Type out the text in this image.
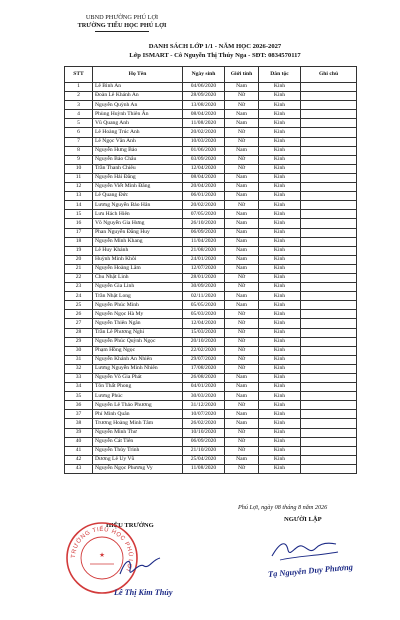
UBND PHƯỜNG PHÚ LỢI
TRƯỜNG TIỂU HỌC PHÚ LỢI
DANH SÁCH LỚP 1/1 - NĂM HỌC 2026-2027
Lớp ISMART - Cô Nguyễn Thị Thúy Nga - SĐT: 0834570117
STT	Họ Tên	Ngày sinh	Giới tính	Dân tộc	Ghi chú
1	Lê Bình An	04/06/2020	Nam	Kinh	
2	Đoàn Lê Khánh An	28/09/2020	Nữ	Kinh	
3	Nguyễn Quỳnh An	13/08/2020	Nữ	Kinh	
4	Phùng Huỳnh Thiên Ân	08/04/2020	Nam	Kinh	
5	Vũ Quang Anh	11/08/2020	Nam	Kinh	
6	Lê Hoàng Trúc Anh	20/02/2020	Nữ	Kinh	
7	Lê Ngọc Vân Anh	10/03/2020	Nữ	Kinh	
8	Nguyễn Hưng Bảo	01/06/2020	Nam	Kinh	
9	Nguyễn Bảo Châu	03/09/2020	Nữ	Kinh	
10	Trần Thanh Chiêu	12/04/2020	Nữ	Kinh	
11	Nguyễn Hải Đăng	08/04/2020	Nam	Kinh	
12	Nguyễn Viết Minh Đăng	20/04/2020	Nam	Kinh	
13	Lê Quang Đức	06/01/2020	Nam	Kinh	
14	Lương Nguyễn Bảo Hân	20/02/2020	Nữ	Kinh	
15	Lưu Hách Hiên	07/05/2020	Nam	Kinh	
16	Võ Nguyễn Gia Hưng	26/10/2020	Nam	Kinh	
17	Phan Nguyễn Đăng Huy	06/09/2020	Nam	Kinh	
18	Nguyễn Minh Khang	11/04/2020	Nam	Kinh	
19	Lê Huy Khánh	21/08/2020	Nam	Kinh	
20	Huỳnh Minh Khôi	24/01/2020	Nam	Kinh	
21	Nguyễn Hoàng Lâm	12/07/2020	Nam	Kinh	
22	Chu Nhật Linh	28/01/2020	Nữ	Kinh	
23	Nguyễn Gia Linh	30/09/2020	Nữ	Kinh	
24	Trần Nhật Long	02/11/2020	Nam	Kinh	
25	Nguyễn Phúc Minh	05/05/2020	Nam	Kinh	
26	Nguyễn Ngọc Hà My	05/03/2020	Nữ	Kinh	
27	Nguyễn Thiên Ngân	12/04/2020	Nữ	Kinh	
28	Trần Lê Phương Nghi	15/03/2020	Nữ	Kinh	
29	Nguyễn Phúc Quỳnh Ngọc	20/10/2020	Nữ	Kinh	
30	Phạm Hồng Ngọc	22/02/2020	Nữ	Kinh	
31	Nguyễn Khánh An Nhiên	29/07/2020	Nữ	Kinh	
32	Lương Nguyễn Minh Nhiên	17/08/2020	Nữ	Kinh	
33	Nguyễn Võ Gia Phát	26/08/2020	Nam	Kinh	
34	Tôn Thất Phong	04/01/2020	Nam	Kinh	
35	Lương Phúc	30/03/2020	Nam	Kinh	
36	Nguyễn Lê Thảo Phương	31/12/2020	Nữ	Kinh	
37	Phí Minh Quân	10/07/2020	Nam	Kinh	
38	Trương Hoàng Minh Tâm	26/02/2020	Nam	Kinh	
39	Nguyễn Minh Thư	10/10/2020	Nữ	Kinh	
40	Nguyễn Cát Tiên	06/09/2020	Nữ	Kinh	
41	Nguyễn Thủy Trinh	21/10/2020	Nữ	Kinh	
42	Dương Lê Uy Vũ	25/04/2020	Nam	Kinh	
43	Nguyễn Ngọc Phương Vy	11/08/2020	Nữ	Kinh	
Phú Lợi, ngày 08 tháng 8 năm 2026
HIỆU TRƯỞNG
NGƯỜI LẬP
TRƯỜNG TIỂU HỌC PHÚ LỢI
★
Lê Thị Kim Thúy
Tạ Nguyễn Duy Phương
